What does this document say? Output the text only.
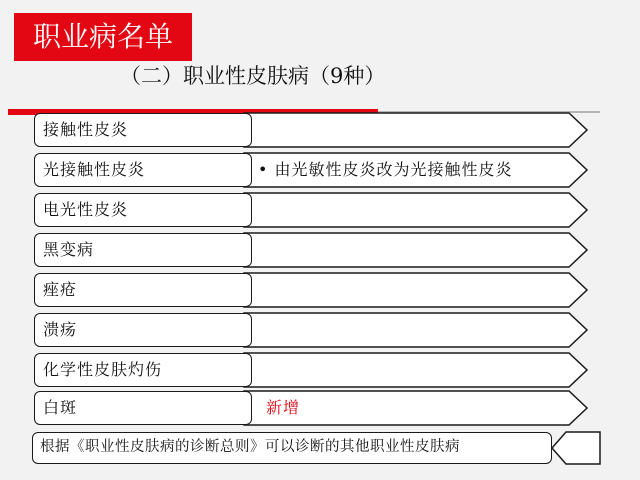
职业病名单
（二）职业性皮肤病（9种）
接触性皮炎
光接触性皮炎	• 由光敏性皮炎改为光接触性皮炎
电光性皮炎
黑变病
痤疮
溃疡
化学性皮肤灼伤
白斑	新增
根据《职业性皮肤病的诊断总则》可以诊断的其他职业性皮肤病
